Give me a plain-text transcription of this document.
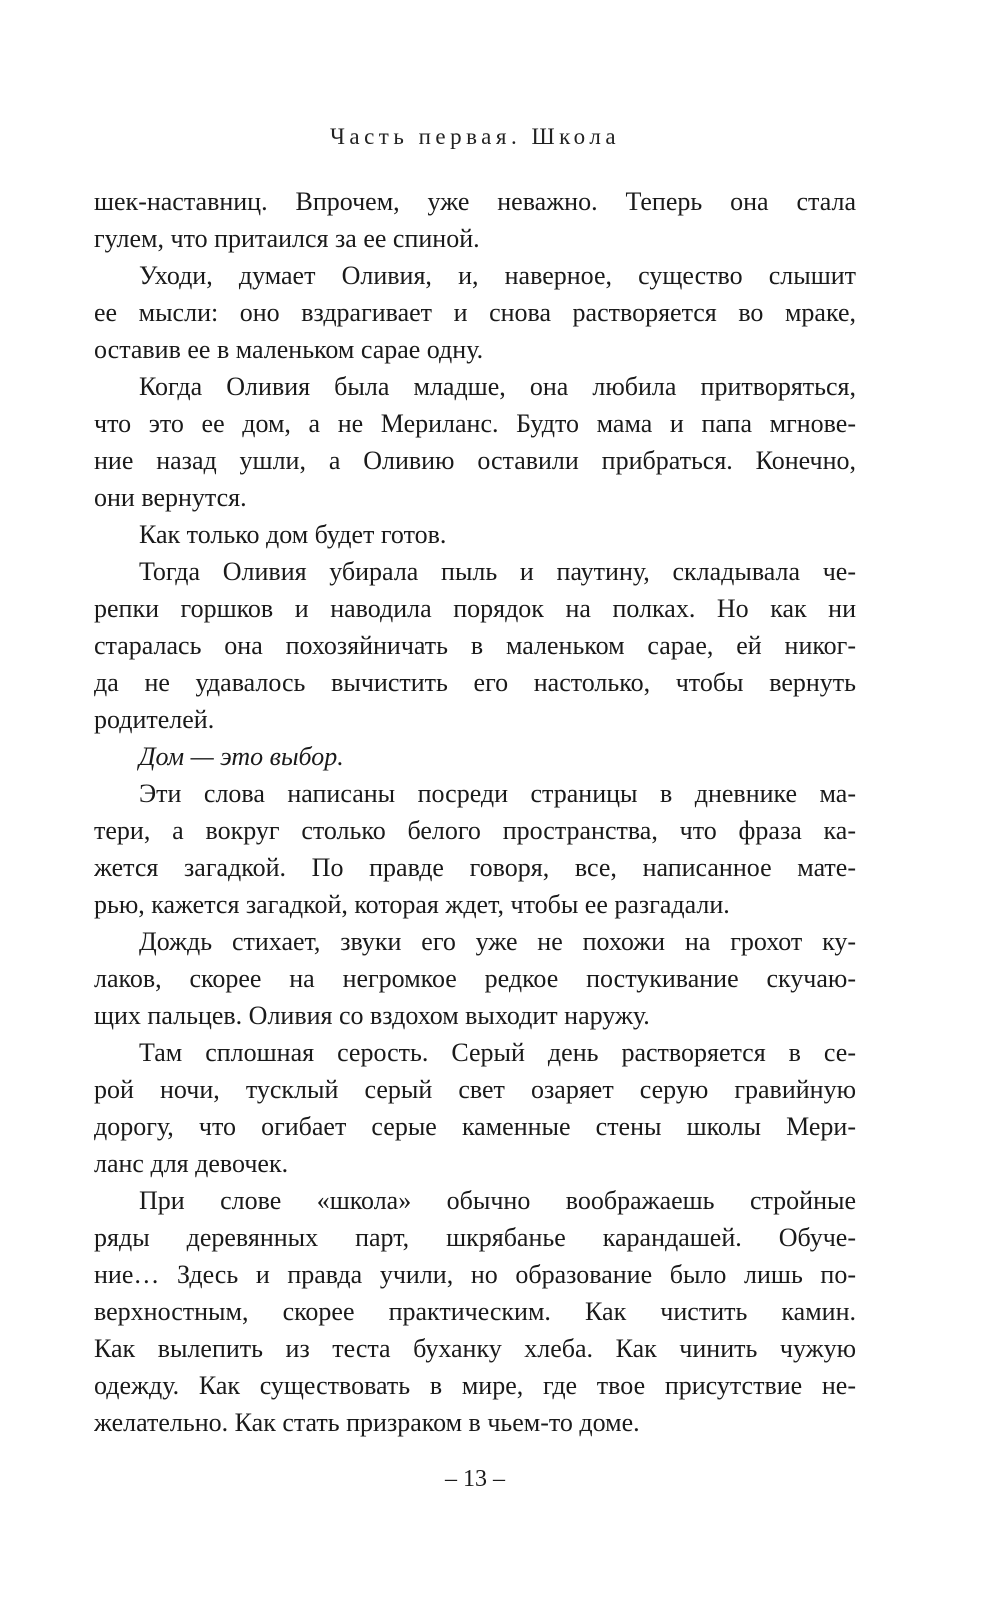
Часть первая. Школа
шек-наставниц. Впрочем, уже неважно. Теперь она стала
гулем, что притаился за ее спиной.
Уходи, думает Оливия, и, наверное, существо слышит
ее мысли: оно вздрагивает и снова растворяется во мраке,
оставив ее в маленьком сарае одну.
Когда Оливия была младше, она любила притворяться,
что это ее дом, а не Мериланс. Будто мама и папа мгнове-
ние назад ушли, а Оливию оставили прибраться. Конечно,
они вернутся.
Как только дом будет готов.
Тогда Оливия убирала пыль и паутину, складывала че-
репки горшков и наводила порядок на полках. Но как ни
старалась она похозяйничать в маленьком сарае, ей никог-
да не удавалось вычистить его настолько, чтобы вернуть
родителей.
Дом — это выбор.
Эти слова написаны посреди страницы в дневнике ма-
тери, а вокруг столько белого пространства, что фраза ка-
жется загадкой. По правде говоря, все, написанное мате-
рью, кажется загадкой, которая ждет, чтобы ее разгадали.
Дождь стихает, звуки его уже не похожи на грохот ку-
лаков, скорее на негромкое редкое постукивание скучаю-
щих пальцев. Оливия со вздохом выходит наружу.
Там сплошная серость. Серый день растворяется в се-
рой ночи, тусклый серый свет озаряет серую гравийную
дорогу, что огибает серые каменные стены школы Мери-
ланс для девочек.
При слове «школа» обычно воображаешь стройные
ряды деревянных парт, шкрябанье карандашей. Обуче-
ние… Здесь и правда учили, но образование было лишь по-
верхностным, скорее практическим. Как чистить камин.
Как вылепить из теста буханку хлеба. Как чинить чужую
одежду. Как существовать в мире, где твое присутствие не-
желательно. Как стать призраком в чьем-то доме.
– 13 –
